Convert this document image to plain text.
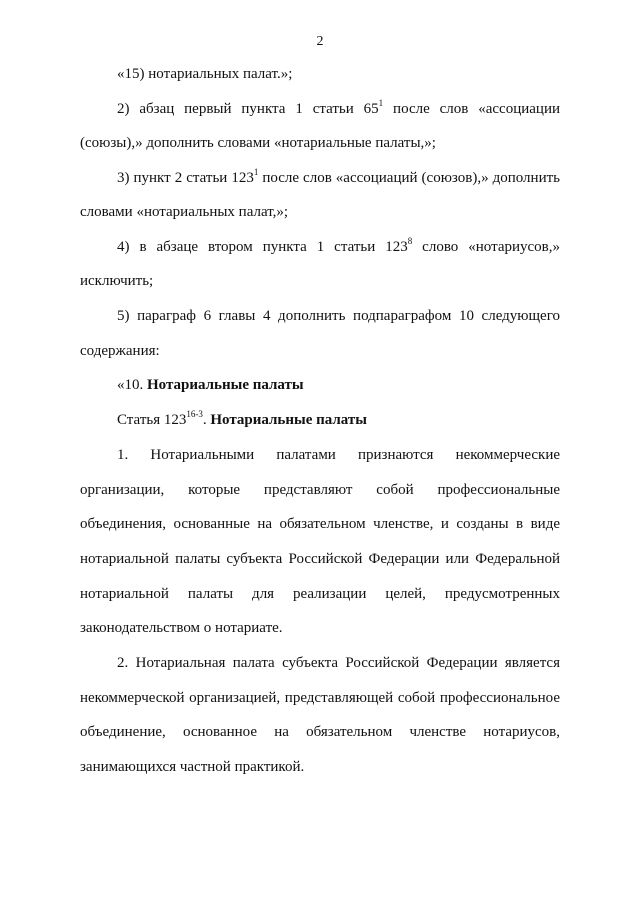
2
«15) нотариальных палат.»;
2) абзац первый пункта 1 статьи $65^1$ после слов «ассоциации
(союзы),» дополнить словами «нотариальные палаты,»;
3) пункт 2 статьи $123^1$ после слов «ассоциаций (союзов),» дополнить
словами «нотариальных палат,»;
4) в абзаце втором пункта 1 статьи $123^8$ слово «нотариусов,»
исключить;
5) параграф 6 главы 4 дополнить подпараграфом 10 следующего
содержания:
«10. Нотариальные палаты
Статья 123$^{16-3}$. Нотариальные палаты
1. Нотариальными палатами признаются некоммерческие
организации, которые представляют собой профессиональные
объединения, основанные на обязательном членстве, и созданы в виде
нотариальной палаты субъекта Российской Федерации или Федеральной
нотариальной палаты для реализации целей, предусмотренных
законодательством о нотариате.
2. Нотариальная палата субъекта Российской Федерации является
некоммерческой организацией, представляющей собой профессиональное
объединение, основанное на обязательном членстве нотариусов,
занимающихся частной практикой.
